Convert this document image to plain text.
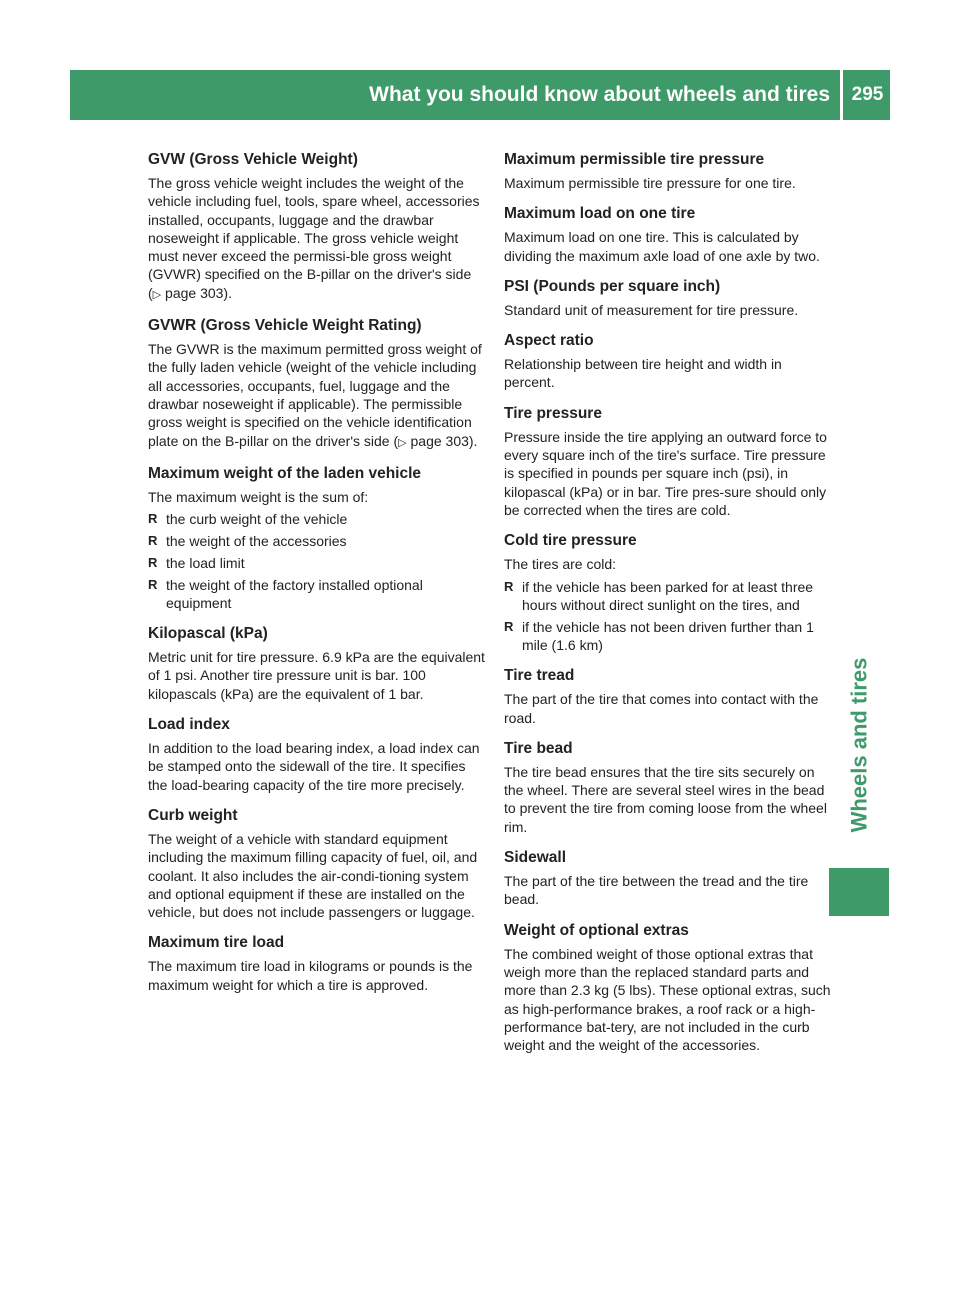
What you should know about wheels and tires	295
Wheels and tires
GVW (Gross Vehicle Weight)

The gross vehicle weight includes the weight of the vehicle including fuel, tools, spare wheel, accessories installed, occupants, luggage and the drawbar noseweight if applicable. The gross vehicle weight must never exceed the permissi-ble gross weight (GVWR) specified on the B-pillar on the driver's side (▷ page 303).

GVWR (Gross Vehicle Weight Rating)

The GVWR is the maximum permitted gross weight of the fully laden vehicle (weight of the vehicle including all accessories, occupants, fuel, luggage and the drawbar noseweight if applicable). The permissible gross weight is specified on the vehicle identification plate on the B-pillar on the driver's side (▷ page 303).

Maximum weight of the laden vehicle

The maximum weight is the sum of:

R the curb weight of the vehicle
R the weight of the accessories
R the load limit
R the weight of the factory installed optional equipment
Kilopascal (kPa)

Metric unit for tire pressure. 6.9 kPa are the equivalent of 1 psi. Another tire pressure unit is bar. 100 kilopascals (kPa) are the equivalent of 1 bar.

Load index

In addition to the load bearing index, a load index can be stamped onto the sidewall of the tire. It specifies the load-bearing capacity of the tire more precisely.

Curb weight

The weight of a vehicle with standard equipment including the maximum filling capacity of fuel, oil, and coolant. It also includes the air-condi-tioning system and optional equipment if these are installed on the vehicle, but does not include passengers or luggage.

Maximum tire load

The maximum tire load in kilograms or pounds is the maximum weight for which a tire is approved.

Maximum permissible tire pressure

Maximum permissible tire pressure for one tire.

Maximum load on one tire

Maximum load on one tire. This is calculated by dividing the maximum axle load of one axle by two.

PSI (Pounds per square inch)

Standard unit of measurement for tire pressure.

Aspect ratio

Relationship between tire height and width in percent.

Tire pressure

Pressure inside the tire applying an outward force to every square inch of the tire's surface. Tire pressure is specified in pounds per square inch (psi), in kilopascal (kPa) or in bar. Tire pres-sure should only be corrected when the tires are cold.

Cold tire pressure

The tires are cold:

R if the vehicle has been parked for at least three hours without direct sunlight on the tires, and
R if the vehicle has not been driven further than 1 mile (1.6 km)
Tire tread

The part of the tire that comes into contact with the road.

Tire bead

The tire bead ensures that the tire sits securely on the wheel. There are several steel wires in the bead to prevent the tire from coming loose from the wheel rim.

Sidewall

The part of the tire between the tread and the tire bead.

Weight of optional extras

The combined weight of those optional extras that weigh more than the replaced standard parts and more than 2.3 kg (5 lbs). These optional extras, such as high-performance brakes, a roof rack or a high-performance bat-tery, are not included in the curb weight and the weight of the accessories.
